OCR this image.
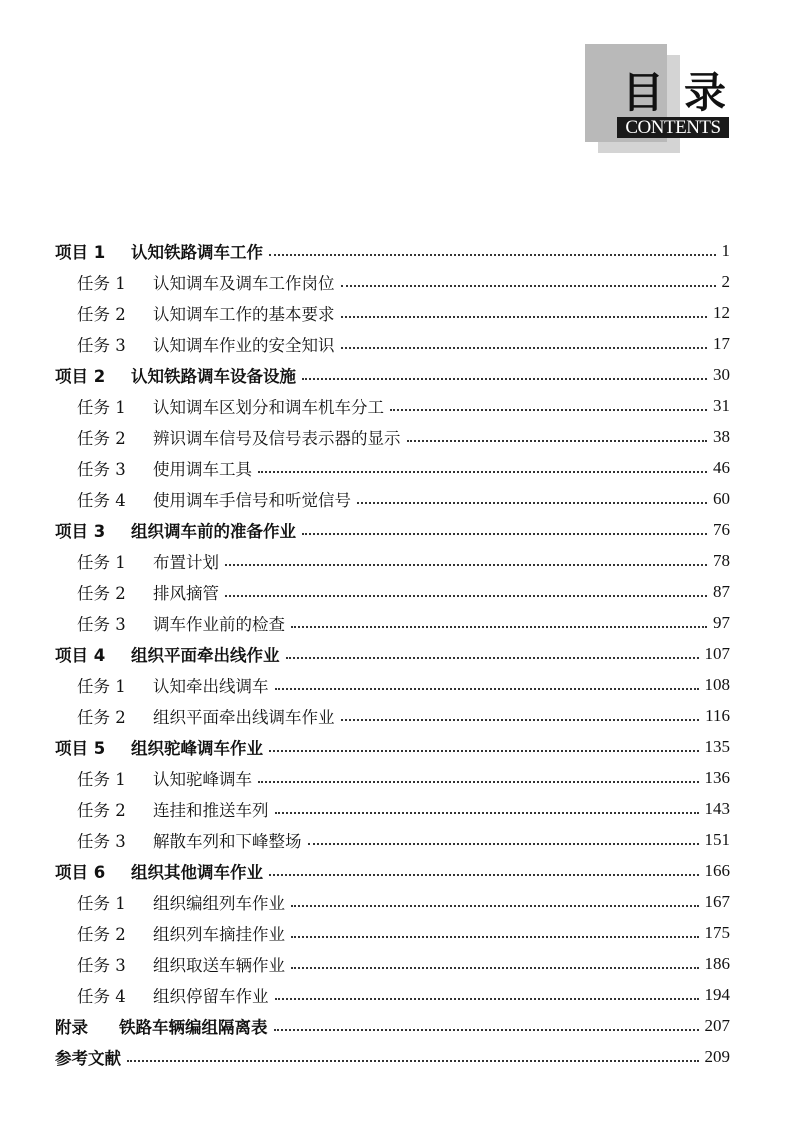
目录
CONTENTS
项目 1 认知铁路调车工作	1
任务 1 认知调车及调车工作岗位	2
任务 2 认知调车工作的基本要求	12
任务 3 认知调车作业的安全知识	17
项目 2 认知铁路调车设备设施	30
任务 1 认知调车区划分和调车机车分工	31
任务 2 辨识调车信号及信号表示器的显示	38
任务 3 使用调车工具	46
任务 4 使用调车手信号和听觉信号	60
项目 3 组织调车前的准备作业	76
任务 1 布置计划	78
任务 2 排风摘管	87
任务 3 调车作业前的检查	97
项目 4 组织平面牵出线作业	107
任务 1 认知牵出线调车	108
任务 2 组织平面牵出线调车作业	116
项目 5 组织驼峰调车作业	135
任务 1 认知驼峰调车	136
任务 2 连挂和推送车列	143
任务 3 解散车列和下峰整场	151
项目 6 组织其他调车作业	166
任务 1 组织编组列车作业	167
任务 2 组织列车摘挂作业	175
任务 3 组织取送车辆作业	186
任务 4 组织停留车作业	194
附录 铁路车辆编组隔离表	207
参考文献	209
